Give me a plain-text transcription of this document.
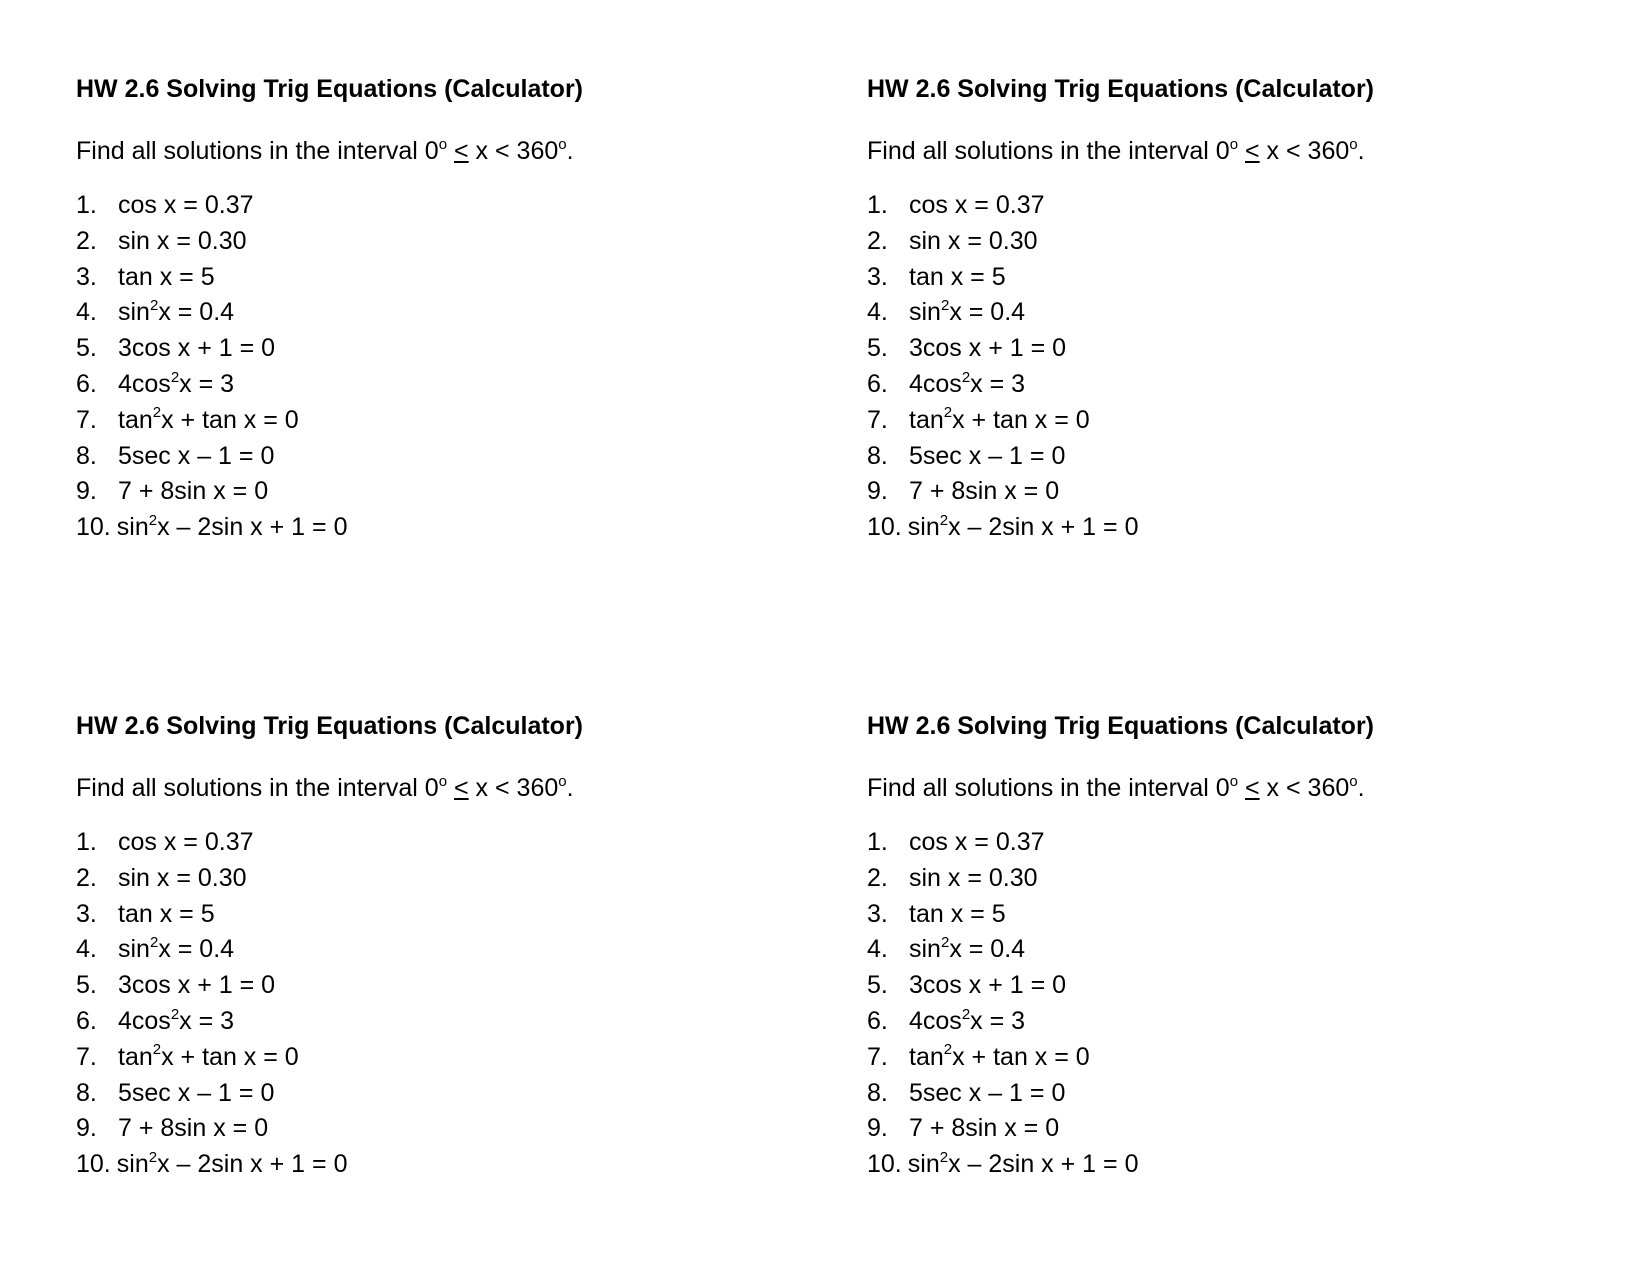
HW 2.6 Solving Trig Equations (Calculator)
Find all solutions in the interval $0^o \le x < 360^o$.
1. cos x = 0.37
2. sin x = 0.30
3. tan x = 5
4. $\sin^2x = 0.4$
5. 3cos x + 1 = 0
6. $4\cos^2x = 3$
7. $\tan^2x + \tan x = 0$
8. 5sec x – 1 = 0
9. 7 + 8sin x = 0
10. $\sin^2x - 2\sin$ x + 1 = 0
HW 2.6 Solving Trig Equations (Calculator)
Find all solutions in the interval $0^o \le x < 360^o$.
1. cos x = 0.37
2. sin x = 0.30
3. tan x = 5
4. $\sin^2x = 0.4$
5. 3cos x + 1 = 0
6. $4\cos^2x = 3$
7. $\tan^2x + \tan x = 0$
8. 5sec x – 1 = 0
9. 7 + 8sin x = 0
10. $\sin^2x - 2\sin$ x + 1 = 0
HW 2.6 Solving Trig Equations (Calculator)
Find all solutions in the interval $0^o \le x < 360^o$.
1. cos x = 0.37
2. sin x = 0.30
3. tan x = 5
4. $\sin^2x = 0.4$
5. 3cos x + 1 = 0
6. $4\cos^2x = 3$
7. $\tan^2x + \tan x = 0$
8. 5sec x – 1 = 0
9. 7 + 8sin x = 0
10. $\sin^2x - 2\sin$ x + 1 = 0
HW 2.6 Solving Trig Equations (Calculator)
Find all solutions in the interval $0^o \le x < 360^o$.
1. cos x = 0.37
2. sin x = 0.30
3. tan x = 5
4. $\sin^2x = 0.4$
5. 3cos x + 1 = 0
6. $4\cos^2x = 3$
7. $\tan^2x + \tan x = 0$
8. 5sec x – 1 = 0
9. 7 + 8sin x = 0
10. $\sin^2x - 2\sin$ x + 1 = 0
